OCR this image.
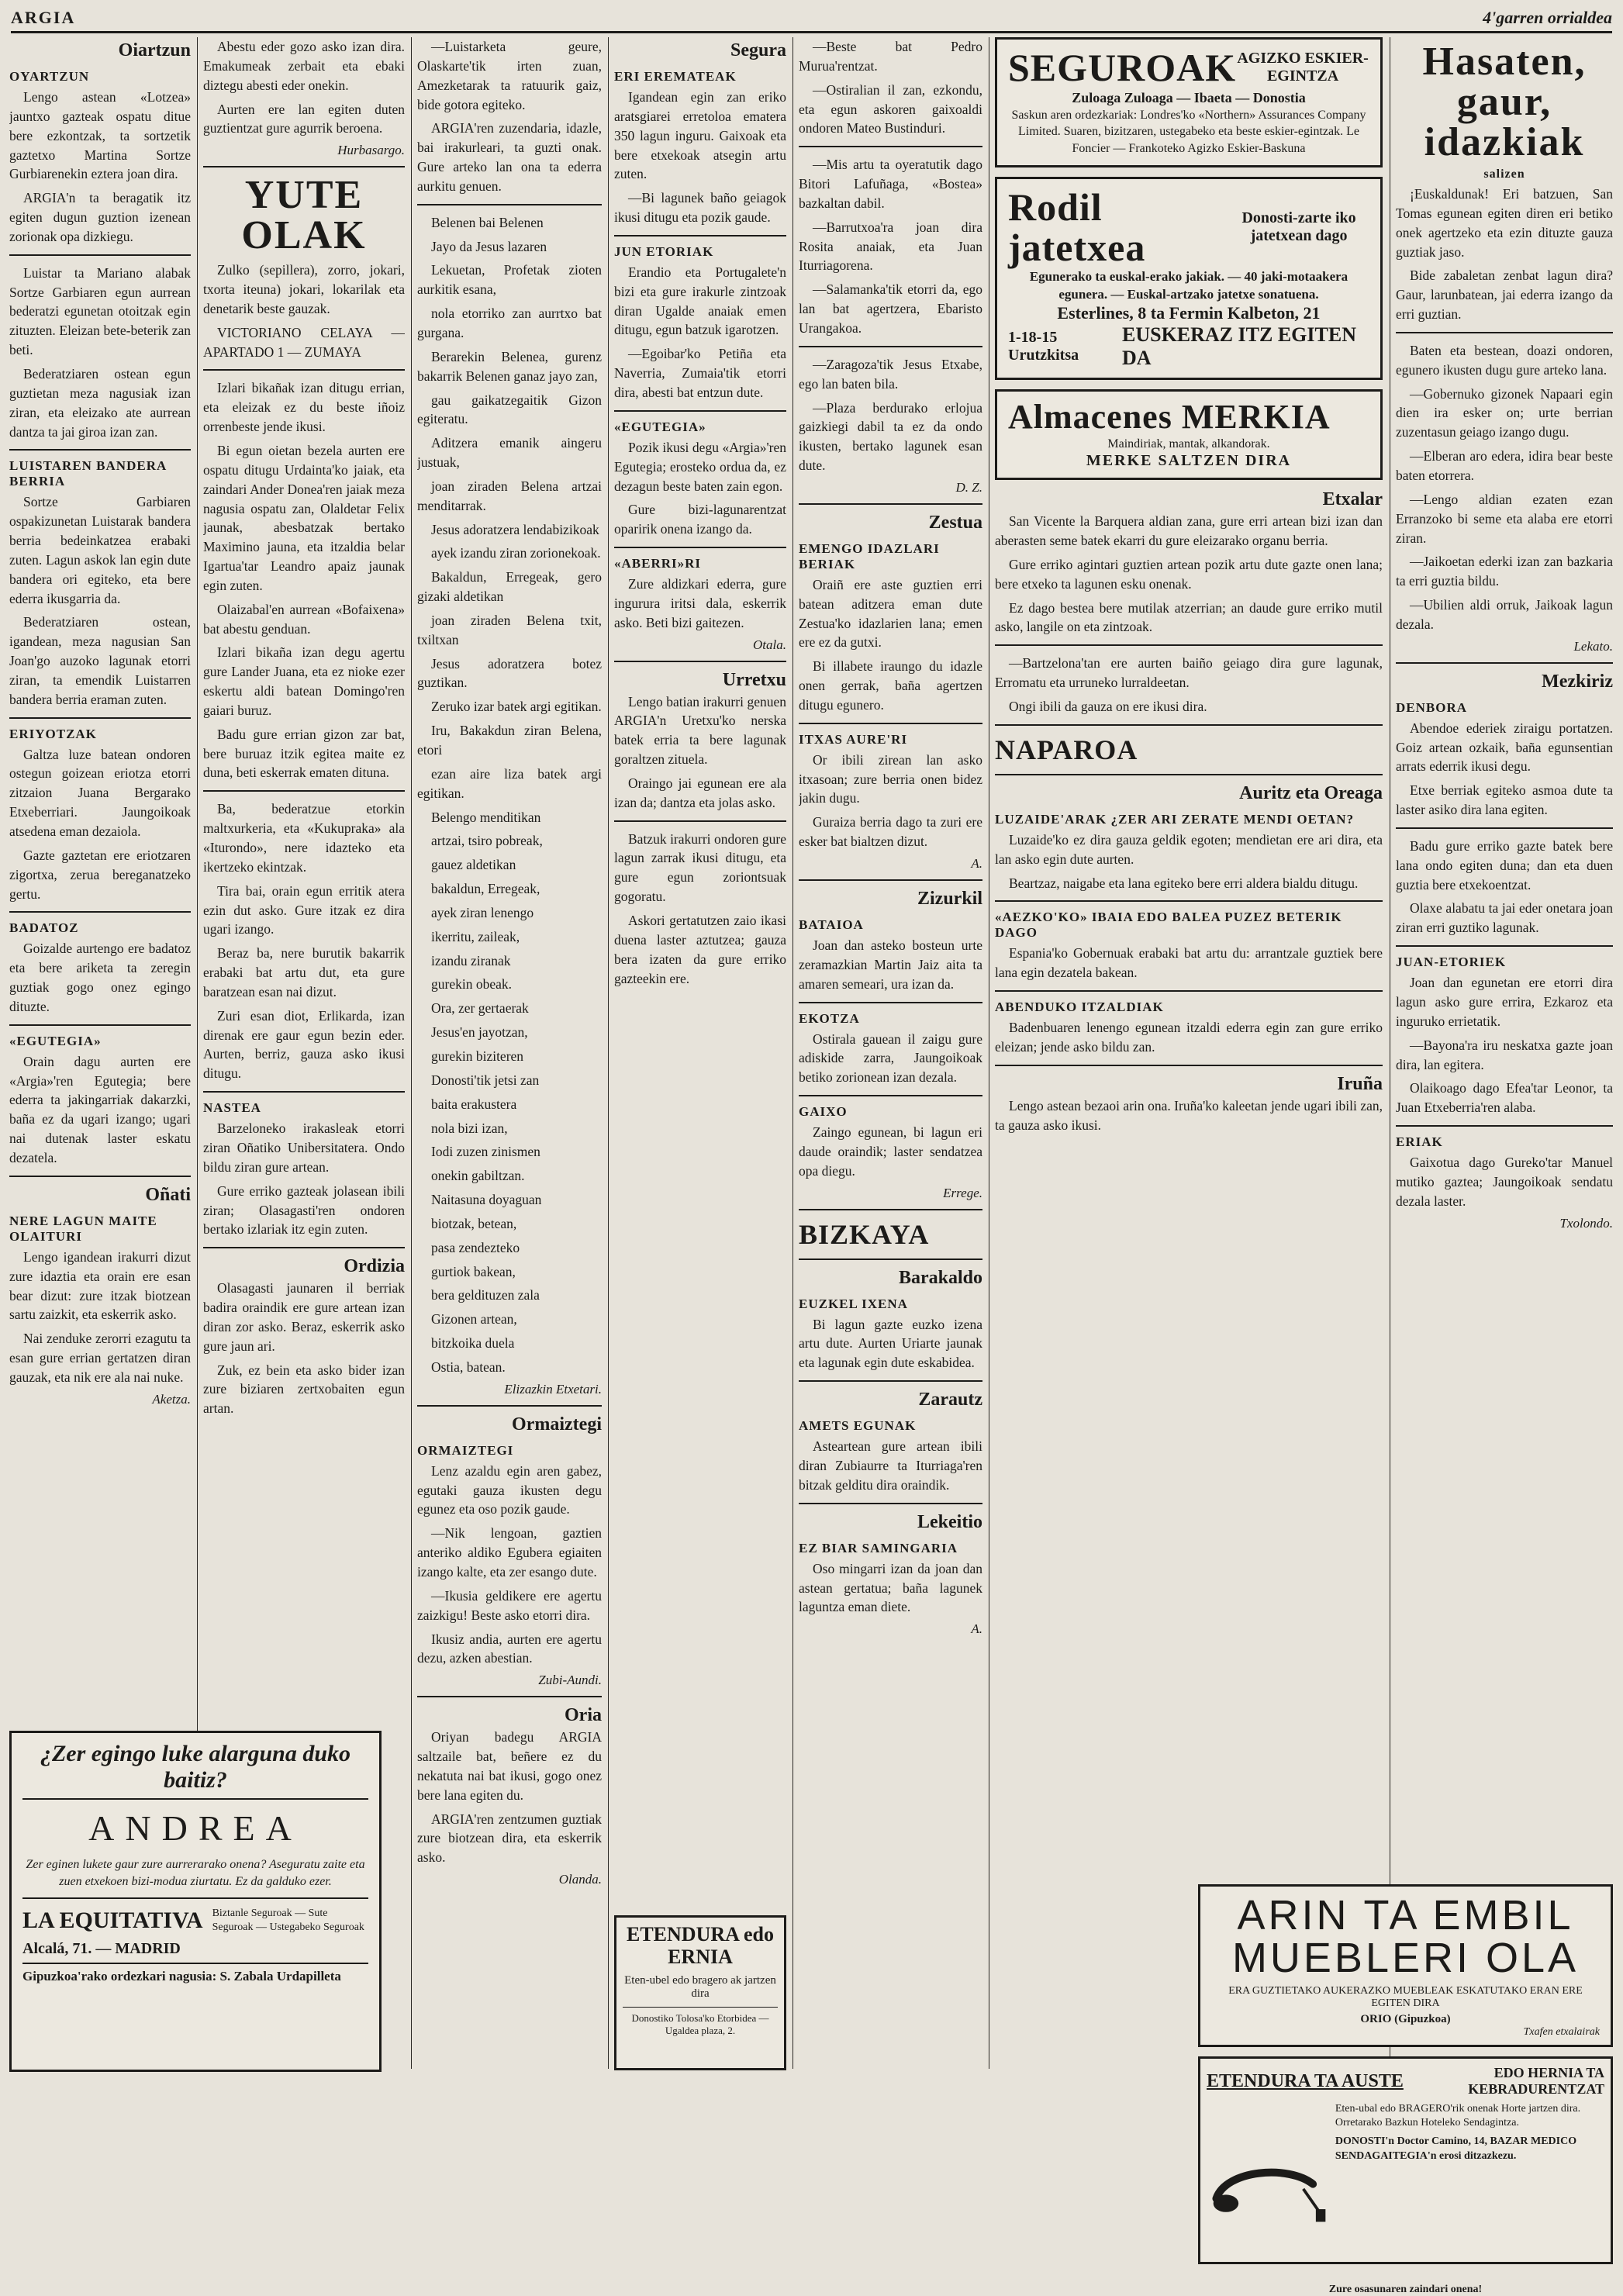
ARGIA	4'garren orrialdea
Oiartzun
OYARTZUN

Lengo astean «Lotzea» jauntxo gazteak ospatu ditue bere ezkontzak, ta sortzetik gaztetxo Martina Sortze Gurbiarenekin eztera joan dira.

ARGIA'n ta beragatik itz egiten dugun guztion izenean zorionak opa dizkiegu.

Luistar ta Mariano alabak Sortze Garbiaren egun aurrean bederatzi egunetan otoitzak egin zituzten. Eleizan bete-beterik zan beti.

Bederatziaren ostean egun guztietan meza nagusiak izan ziran, eta eleizako ate aurrean dantza ta jai giroa izan zan.

LUISTAREN BANDERA BERRIA

Sortze Garbiaren ospakizunetan Luistarak bandera berria bedeinkatzea erabaki zuten. Lagun askok lan egin dute bandera ori egiteko, eta bere ederra ikusgarria da.

Bederatziaren ostean, igandean, meza nagusian San Joan'go auzoko lagunak etorri ziran, ta emendik Luistarren bandera berria eraman zuten.

ERIYOTZAK

Galtza luze batean ondoren ostegun goizean eriotza etorri zitzaion Juana Bergarako Etxeberriari. Jaungoikoak atsedena eman dezaiola.

Gazte gaztetan ere eriotzaren zigortxa, zerua bereganatzeko gertu.

BADATOZ

Goizalde aurtengo ere badatoz eta bere ariketa ta zeregin guztiak gogo onez egingo dituzte.

«EGUTEGIA»

Orain dagu aurten ere «Argia»'ren Egutegia; bere ederra ta jakingarriak dakarzki, baña ez da ugari izango; ugari nai dutenak laster eskatu dezatela.

Oñati
NERE LAGUN MAITE OLAITURI

Lengo igandean irakurri dizut zure idaztia eta orain ere esan bear dizut: zure itzak biotzean sartu zaizkit, eta eskerrik asko.

Nai zenduke zerorri ezagutu ta esan gure errian gertatzen diran gauzak, eta nik ere ala nai nuke.

Aketza.

Abestu eder gozo asko izan dira. Emakumeak zerbait eta ebaki diztegu abesti eder onekin.

Aurten ere lan egiten duten guztientzat gure agurrik beroena.

Hurbasargo.
YUTE OLAK

Zulko (sepillera), zorro, jokari, txorta iteuna) jokari, lokarilak eta denetarik beste gauzak.

VICTORIANO CELAYA — APARTADO 1 — ZUMAYA

Izlari bikañak izan ditugu errian, eta eleizak ez du beste iñoiz orrenbeste jende ikusi.

Bi egun oietan bezela aurten ere ospatu ditugu Urdainta'ko jaiak, eta zaindari Ander Donea'ren jaiak meza nagusia ospatu zan, Olaldetar Felix jaunak, abesbatzak bertako Maximino jauna, eta itzaldia belar Igartua'tar Leandro apaiz jaunak egin zuten.

Olaizabal'en aurrean «Bofaixena» bat abestu genduan.

Izlari bikaña izan degu agertu gure Lander Juana, eta ez nioke ezer eskertu aldi batean Domingo'ren gaiari buruz.

Badu gure errian gizon zar bat, bere buruaz itzik egitea maite ez duna, beti eskerrak ematen dituna.

Ba, bederatzue etorkin maltxurkeria, eta «Kukupraka» ala «Iturondo», nere idazteko eta ikertzeko ekintzak.

Tira bai, orain egun erritik atera ezin dut asko. Gure itzak ez dira ugari izango.

Beraz ba, nere burutik bakarrik erabaki bat artu dut, eta gure baratzean esan nai dizut.

Zuri esan diot, Erlikarda, izan direnak ere gaur egun bezin eder. Aurten, berriz, gauza asko ikusi ditugu.

NASTEA

Barzeloneko irakasleak etorri ziran Oñatiko Unibersitatera. Ondo bildu ziran gure artean.

Gure erriko gazteak jolasean ibili ziran; Olasagasti'ren ondoren bertako izlariak itz egin zuten.

Ordizia

Olasagasti jaunaren il berriak badira oraindik ere gure artean izan diran zor asko. Beraz, eskerrik asko gure jaun ari.

Zuk, ez bein eta asko bider izan zure biziaren zertxobaiten egun artan.

—Luistarketa geure, Olaskarte'tik irten zuan, Amezketarak ta ratuurik gaiz, bide gotora egiteko.

ARGIA'ren zuzendaria, idazle, bai irakurleari, ta guzti onak. Gure arteko lan ona ta ederra aurkitu genuen.

Belenen bai Belenen

Jayo da Jesus lazaren

Lekuetan, Profetak zioten aurkitik esana,

nola etorriko zan aurrtxo bat gurgana.

Berarekin Belenea, gurenz bakarrik Belenen ganaz jayo zan,

gau gaikatzegaitik Gizon egiteratu.

Aditzera emanik aingeru justuak,

joan ziraden Belena artzai menditarrak.

Jesus adoratzera lendabizikoak

ayek izandu ziran zorionekoak.

Bakaldun, Erregeak, gero gizaki aldetikan

joan ziraden Belena txit, txiltxan

Jesus adoratzera botez guztikan.

Zeruko izar batek argi egitikan.

Iru, Bakakdun ziran Belena, etori

ezan aire liza batek argi egitikan.

Belengo menditikan

artzai, tsiro pobreak,

gauez aldetikan

bakaldun, Erregeak,

ayek ziran lenengo

ikerritu, zaileak,

izandu ziranak

gurekin obeak.

Ora, zer gertaerak

Jesus'en jayotzan,

gurekin biziteren

Donosti'tik jetsi zan

baita erakustera

nola bizi izan,

Iodi zuzen zinismen

onekin gabiltzan.

Naitasuna doyaguan

biotzak, betean,

pasa zendezteko

gurtiok bakean,

bera geldituzen zala

Gizonen artean,

bitzkoika duela

Ostia, batean.

Elizazkin Etxetari.
Ormaiztegi
ORMAIZTEGI

Lenz azaldu egin aren gabez, egutaki gauza ikusten degu egunez eta oso pozik gaude.

—Nik lengoan, gaztien anteriko aldiko Egubera egiaiten izango kalte, eta zer esango dute.

—Ikusia geldikere ere agertu zaizkigu! Beste asko etorri dira.

Ikusiz andia, aurten ere agertu dezu, azken abestian.

Zubi-Aundi.
Oria

Oriyan badegu ARGIA saltzaile bat, beñere ez du nekatuta nai bat ikusi, gogo onez bere lana egiten du.

ARGIA'ren zentzumen guztiak zure biotzean dira, eta eskerrik asko.

Olanda.
Segura
ERI EREMATEAK

Igandean egin zan eriko aratsgiarei erretoloa ematera 350 lagun inguru. Gaixoak eta bere etxekoak atsegin artu zuten.

—Bi lagunek baño geiagok ikusi ditugu eta pozik gaude.

JUN ETORIAK

Erandio eta Portugalete'n bizi eta gure irakurle zintzoak diran Ugalde anaiak emen ditugu, egun batzuk igarotzen.

—Egoibar'ko Petiña eta Naverria, Zumaia'tik etorri dira, abesti bat entzun dute.

«EGUTEGIA»

Pozik ikusi degu «Argia»'ren Egutegia; erosteko ordua da, ez dezagun beste baten zain egon.

Gure bizi-lagunarentzat oparirik onena izango da.

«ABERRI»RI

Zure aldizkari ederra, gure ingurura iritsi dala, eskerrik asko. Beti bizi gaitezen.

Otala.
Urretxu

Lengo batian irakurri genuen ARGIA'n Uretxu'ko nerska batek erria ta bere lagunak goraltzen zituela.

Oraingo jai egunean ere ala izan da; dantza eta jolas asko.

Batzuk irakurri ondoren gure lagun zarrak ikusi ditugu, eta gure egun zoriontsuak gogoratu.

Askori gertatutzen zaio ikasi duena laster aztutzea; gauza bera izaten da gure erriko gazteekin ere.

—Beste bat Pedro Murua'rentzat.

—Ostiralian il zan, ezkondu, eta egun askoren gaixoaldi ondoren Mateo Bustinduri.

—Mis artu ta oyeratutik dago Bitori Lafuñaga, «Bostea» bazkaltan dabil.

—Barrutxoa'ra joan dira Rosita anaiak, eta Juan Iturriagorena.

—Salamanka'tik etorri da, ego lan bat agertzera, Ebaristo Urangakoa.

—Zaragoza'tik Jesus Etxabe, ego lan baten bila.

—Plaza berdurako erlojua gaizkiegi dabil ta ez da ondo ikusten, bertako lagunek esan dute.

D. Z.
Zestua
EMENGO IDAZLARI BERIAK

Oraiñ ere aste guztien erri batean aditzera eman dute Zestua'ko idazlarien lana; emen ere ez da gutxi.

Bi illabete iraungo du idazle onen gerrak, baña agertzen ditugu egunero.

ITXAS AURE'RI

Or ibili zirean lan asko itxasoan; zure berria onen bidez jakin dugu.

Guraiza berria dago ta zuri ere esker bat bialtzen dizut.

A.
Zizurkil
BATAIOA

Joan dan asteko bosteun urte zeramazkian Martin Jaiz aita ta amaren semeari, ura izan da.

EKOTZA

Ostirala gauean il zaigu gure adiskide zarra, Jaungoikoak betiko zorionean izan dezala.

GAIXO

Zaingo egunean, bi lagun eri daude oraindik; laster sendatzea opa diegu.

Errege.
BIZKAYA
Barakaldo
EUZKEL IXENA

Bi lagun gazte euzko izena artu dute. Aurten Uriarte jaunak eta lagunak egin dute eskabidea.

Zarautz
AMETS EGUNAK

Asteartean gure artean ibili diran Zubiaurre ta Iturriaga'ren bitzak gelditu dira oraindik.

Lekeitio
EZ BIAR SAMINGARIA

Oso mingarri izan da joan dan astean gertatua; baña lagunek laguntza eman diete.

A.
SEGUROAK AGIZKO ESKIER-EGINTZA
Zuloaga Zuloaga — Ibaeta — Donostia
Saskun aren ordezkariak: Londres'ko «Northern» Assurances Company Limited. Suaren, bizitzaren, ustegabeko eta beste eskier-egintzak. Le Foncier — Frankoteko Agizko Eskier-Baskuna
Rodil jatetxea
Donosti-zarte iko jatetxean dago
Egunerako ta euskal-erako jakiak. — 40 jaki-motaakera egunera. — Euskal-artzako jatetxe sonatuena.
Esterlines, 8 ta Fermin Kalbeton, 21
1-18-15 Urutzkitsa
EUSKERAZ ITZ EGITEN DA
Almacenes MERKIA
Maindiriak, mantak, alkandorak.
MERKE SALTZEN DIRA
Etxalar

San Vicente la Barquera aldian zana, gure erri artean bizi izan dan aberasten seme batek ekarri du gure eleizarako organu berria.

Gure erriko agintari guztien artean pozik artu dute gazte onen lana; bere etxeko ta lagunen esku onenak.

Ez dago bestea bere mutilak atzerrian; an daude gure erriko mutil asko, langile on eta zintzoak.

—Bartzelona'tan ere aurten baiño geiago dira gure lagunak, Erromatu eta urruneko lurraldeetan.

Ongi ibili da gauza on ere ikusi dira.

NAPAROA
Auritz eta Oreaga
LUZAIDE'ARAK ¿ZER ARI ZERATE MENDI OETAN?

Luzaide'ko ez dira gauza geldik egoten; mendietan ere ari dira, eta lan asko egin dute aurten.

Beartzaz, naigabe eta lana egiteko bere erri aldera bialdu ditugu.

«AEZKO'KO» IBAIA EDO BALEA PUZEZ BETERIK DAGO

Espania'ko Gobernuak erabaki bat artu du: arrantzale guztiek bere lana egin dezatela bakean.

ABENDUKO ITZALDIAK

Badenbuaren lenengo egunean itzaldi ederra egin zan gure erriko eleizan; jende asko bildu zan.

Iruña

Lengo astean bezaoi arin ona. Iruña'ko kaleetan jende ugari ibili zan, ta gauza asko ikusi.

Hasaten, gaur, idazkiak
salizen

¡Euskaldunak! Eri batzuen, San Tomas egunean egiten diren eri betiko onek agertzeko eta ezin dituzte gauza guztiak jaso.

Bide zabaletan zenbat lagun dira? Gaur, larunbatean, jai ederra izango da erri guztian.

Baten eta bestean, doazi ondoren, egunero ikusten dugu gure arteko lana.

—Gobernuko gizonek Napaari egin dien ira esker on; urte berrian zuzentasun geiago izango dugu.

—Elberan aro edera, idira bear beste baten etorrera.

—Lengo aldian ezaten ezan Erranzoko bi seme eta alaba ere etorri ziran.

—Jaikoetan ederki izan zan bazkaria ta erri guztia bildu.

—Ubilien aldi orruk, Jaikoak lagun dezala.

Lekato.
Mezkiriz
DENBORA

Abendoe ederiek ziraigu portatzen. Goiz artean ozkaik, baña egunsentian arrats ederrik ikusi degu.

Etxe berriak egiteko asmoa dute ta laster asiko dira lana egiten.

Badu gure erriko gazte batek bere lana ondo egiten duna; dan eta duen guztia bere etxekoentzat.

Olaxe alabatu ta jai eder onetara joan ziran erri guztiko lagunak.

JUAN-ETORIEK

Joan dan egunetan ere etorri dira lagun asko gure errira, Ezkaroz eta inguruko errietatik.

—Bayona'ra iru neskatxa gazte joan dira, lan egitera.

Olaikoago dago Efea'tar Leonor, ta Juan Etxeberria'ren alaba.

ERIAK

Gaixotua dago Gureko'tar Manuel mutiko gaztea; Jaungoikoak sendatu dezala laster.

Txolondo.
¿Zer egingo luke alarguna duko baitiz?
ANDREA
Zer eginen lukete gaur zure aurrerarako onena? Aseguratu zaite eta zuen etxekoen bizi-modua ziurtatu. Ez da galduko ezer.
LA EQUITATIVA Biztanle Seguroak — Sute Seguroak — Ustegabeko Seguroak
Alcalá, 71. — MADRID
Gipuzkoa'rako ordezkari nagusia: S. Zabala Urdapilleta
ETENDURA edo ERNIA
Eten-ubel edo bragero ak jartzen dira
Donostiko Tolosa'ko Etorbidea — Ugaldea plaza, 2.
ARIN TA EMBIL
MUEBLERI OLA
ERA GUZTIETAKO AUKERAZKO MUEBLEAK ESKATUTAKO ERAN ERE EGITEN DIRA
ORIO (Gipuzkoa)
Txafen etxalairak
ETENDURA TA AUSTE	EDO HERNIA TA KEBRADURENTZAT
Eten-ubal edo BRAGERO'rik onenak Horte jartzen dira. Orretarako Bazkun Hoteleko Sendagintza.
DONOSTI'n Doctor Camino, 14, BAZAR MEDICO SENDAGAITEGIA'n erosi ditzazkezu.
Zure osasunaren zaindari onena!
